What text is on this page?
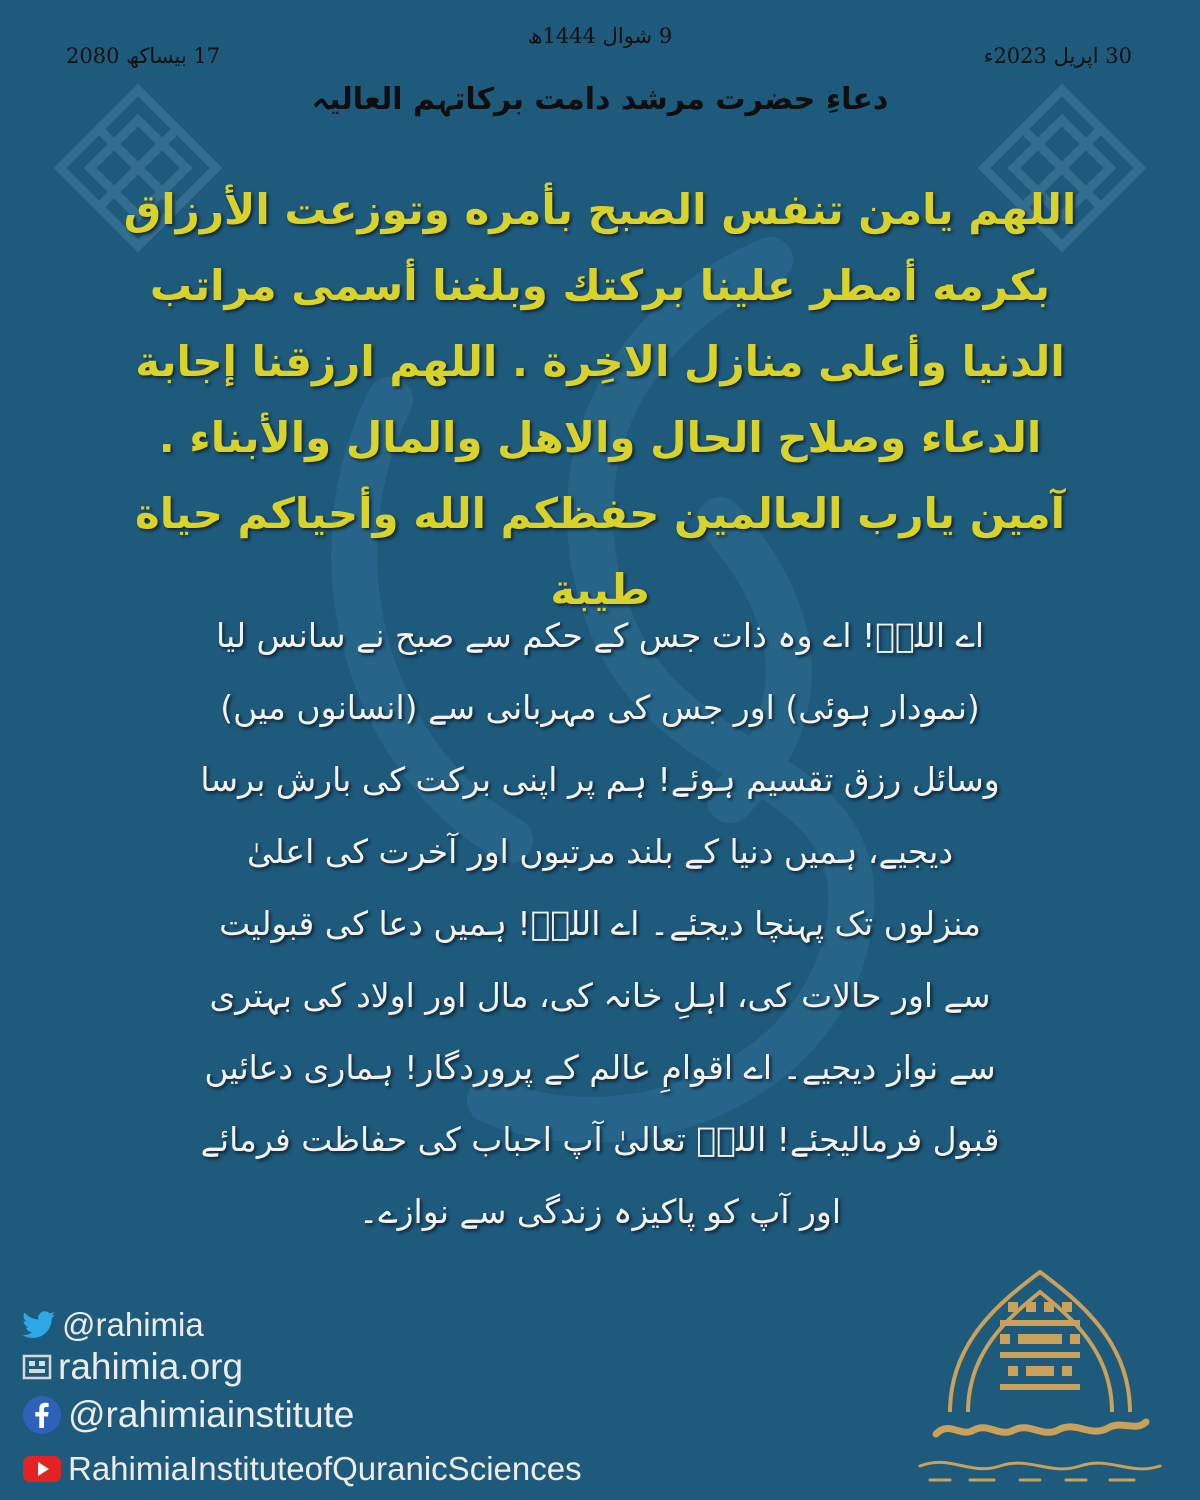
9 شوال 1444ھ
30 اپریل 2023ء
17 بیساکھ 2080
دعاءِ حضرت مرشد دامت برکاتہم العالیہ
اللهم يامن تنفس الصبح بأمره وتوزعت الأرزاق بكرمه أمطر علينا بركتك وبلغنا أسمى مراتب الدنيا وأعلى منازل الاخِرة . اللهم ارزقنا إجابة الدعاء وصلاح الحال والاهل والمال والأبناء . آمين يارب العالمين حفظكم الله وأحياكم حياة طيبة
اے اللہؐ! اے وہ ذات جس کے حکم سے صبح نے سانس لیا (نمودار ہوئی) اور جس کی مہربانی سے (انسانوں میں) وسائل رزق تقسیم ہوئے! ہم پر اپنی برکت کی بارش برسا دیجیے، ہمیں دنیا کے بلند مرتبوں اور آخرت کی اعلیٰ منزلوں تک پہنچا دیجئے۔ اے اللہؐ! ہمیں دعا کی قبولیت سے اور حالات کی، اہلِ خانہ کی، مال اور اولاد کی بہتری سے نواز دیجیے۔ اے اقوامِ عالم کے پروردگار! ہماری دعائیں قبول فرمالیجئے! اللہؐ تعالیٰ آپ احباب کی حفاظت فرمائے اور آپ کو پاکیزہ زندگی سے نوازے۔
@rahimia
rahimia.org
@rahimiainstitute
RahimiaInstituteofQuranicSciences
